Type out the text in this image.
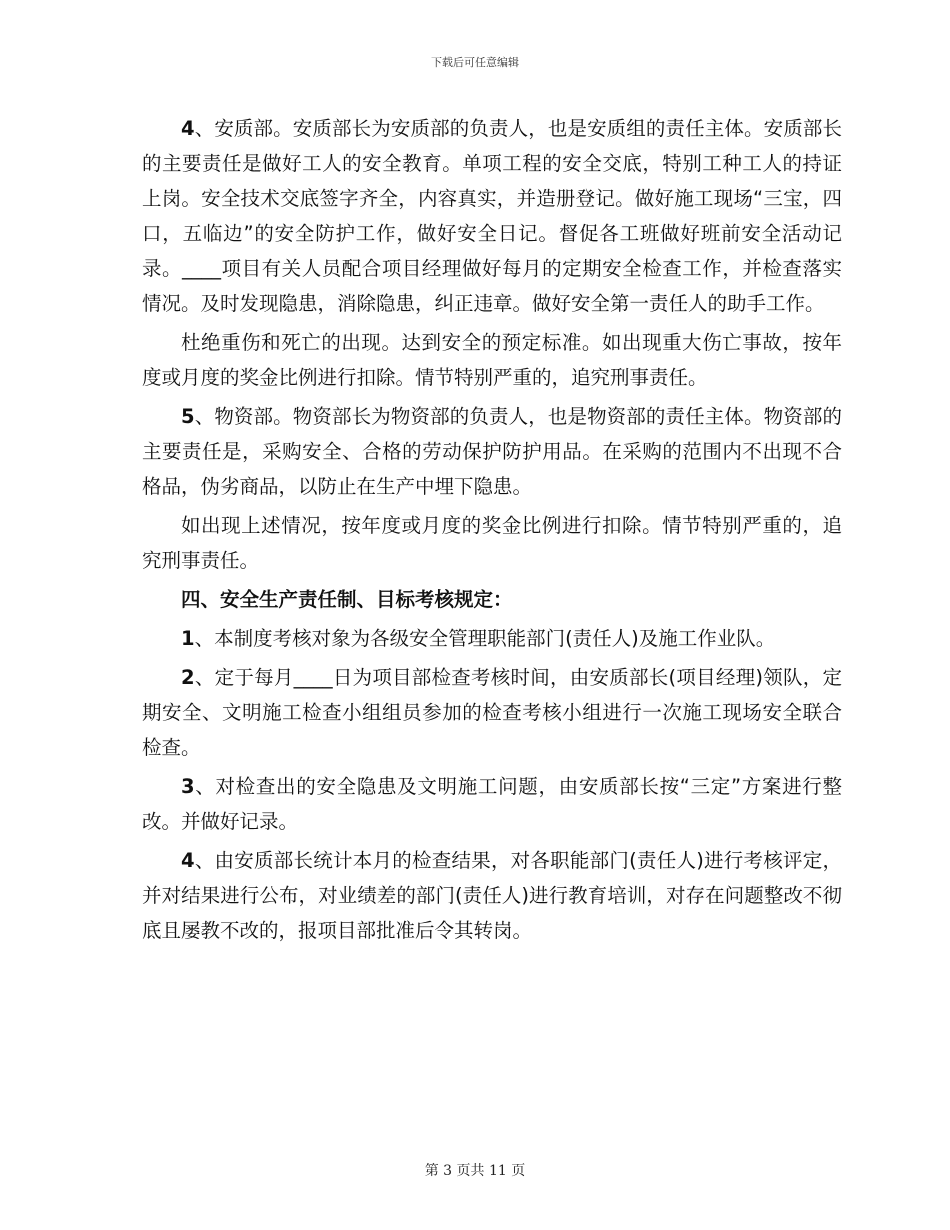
下载后可任意编辑

4、安质部。安质部长为安质部的负责人，也是安质组的责任主体。安质部长的主要责任是做好工人的安全教育。单项工程的安全交底，特别工种工人的持证上岗。安全技术交底签字齐全，内容真实，并造册登记。做好施工现场“三宝，四口，五临边”的安全防护工作，做好安全日记。督促各工班做好班前安全活动记录。____项目有关人员配合项目经理做好每月的定期安全检查工作，并检查落实情况。及时发现隐患，消除隐患，纠正违章。做好安全第一责任人的助手工作。

杜绝重伤和死亡的出现。达到安全的预定标准。如出现重大伤亡事故，按年度或月度的奖金比例进行扣除。情节特别严重的，追究刑事责任。

5、物资部。物资部长为物资部的负责人，也是物资部的责任主体。物资部的主要责任是，采购安全、合格的劳动保护防护用品。在采购的范围内不出现不合格品，伪劣商品，以防止在生产中埋下隐患。

如出现上述情况，按年度或月度的奖金比例进行扣除。情节特别严重的，追究刑事责任。

四、安全生产责任制、目标考核规定：

1、本制度考核对象为各级安全管理职能部门(责任人)及施工作业队。

2、定于每月____日为项目部检查考核时间，由安质部长(项目经理)领队，定期安全、文明施工检查小组组员参加的检查考核小组进行一次施工现场安全联合检查。

3、对检查出的安全隐患及文明施工问题，由安质部长按“三定”方案进行整改。并做好记录。

4、由安质部长统计本月的检查结果，对各职能部门(责任人)进行考核评定，并对结果进行公布，对业绩差的部门(责任人)进行教育培训，对存在问题整改不彻底且屡教不改的，报项目部批准后令其转岗。

第 3 页共 11 页
